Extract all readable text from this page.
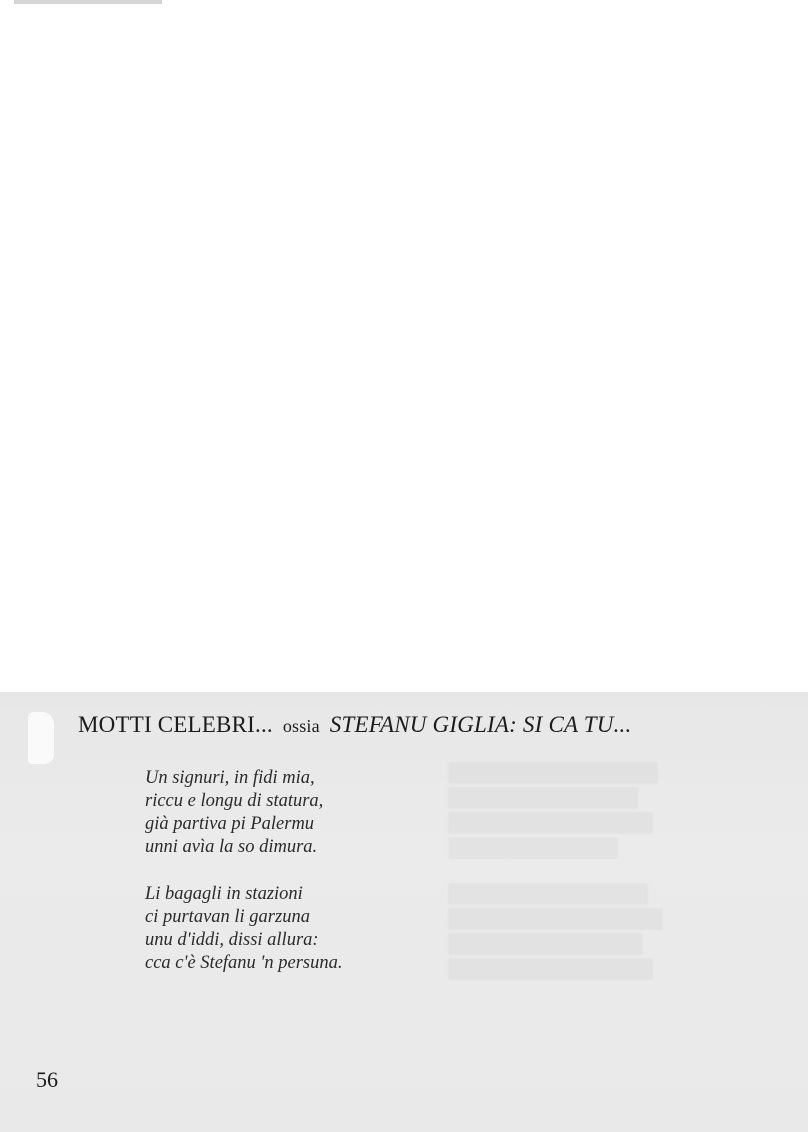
MOTTI CELEBRI... ossia STEFANU GIGLIA: SI CA TU...
Un signuri, in fidi mia,
riccu e longu di statura,
già partiva pi Palermu
unni avìa la so dimura.
Li bagagli in stazioni
ci purtavan li garzuna
unu d'iddi, dissi allura:
cca c'è Stefanu 'n persuna.
56
